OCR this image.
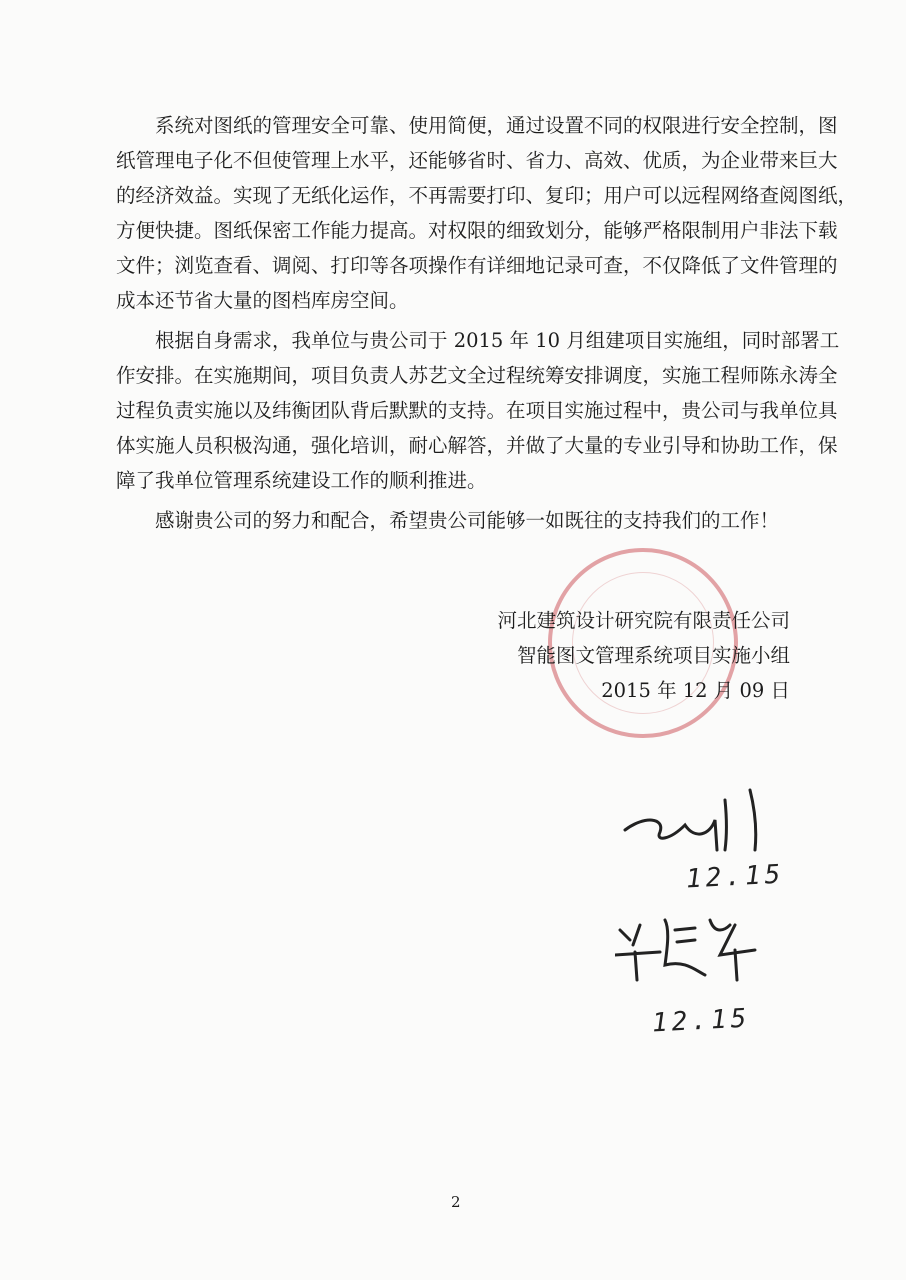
系统对图纸的管理安全可靠、使用简便，通过设置不同的权限进行安全控制，图
纸管理电子化不但使管理上水平，还能够省时、省力、高效、优质，为企业带来巨大
的经济效益。实现了无纸化运作，不再需要打印、复印；用户可以远程网络查阅图纸，
方便快捷。图纸保密工作能力提高。对权限的细致划分，能够严格限制用户非法下载
文件；浏览查看、调阅、打印等各项操作有详细地记录可查，不仅降低了文件管理的
成本还节省大量的图档库房空间。
根据自身需求，我单位与贵公司于 2015 年 10 月组建项目实施组，同时部署工
作安排。在实施期间，项目负责人苏艺文全过程统筹安排调度，实施工程师陈永涛全
过程负责实施以及纬衡团队背后默默的支持。在项目实施过程中，贵公司与我单位具
体实施人员积极沟通，强化培训，耐心解答，并做了大量的专业引导和协助工作，保
障了我单位管理系统建设工作的顺利推进。
感谢贵公司的努力和配合，希望贵公司能够一如既往的支持我们的工作！
河北建筑设计研究院有限责任公司
智能图文管理系统项目实施小组
2015 年 12 月 09 日
12.15
12.15
2
